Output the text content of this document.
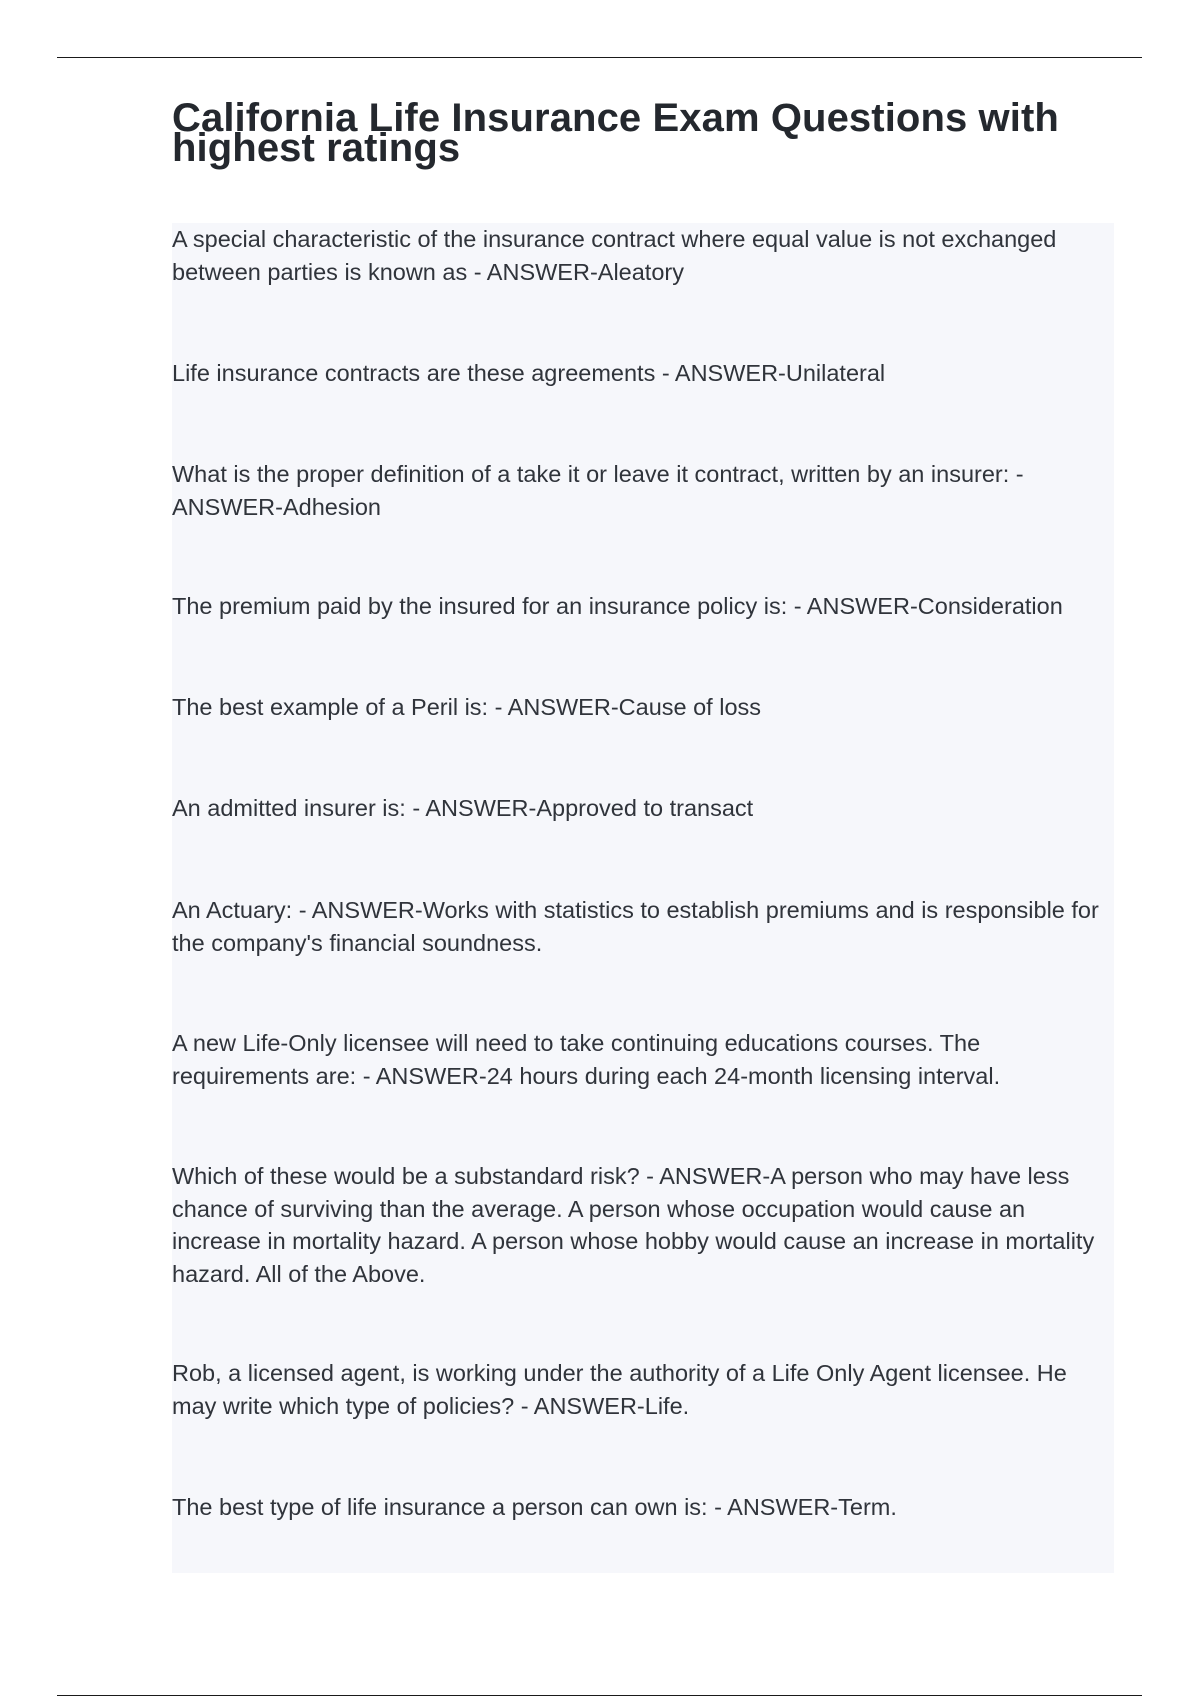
California Life Insurance Exam Questions with highest ratings

A special characteristic of the insurance contract where equal value is not exchanged between parties is known as - ANSWER-Aleatory

Life insurance contracts are these agreements - ANSWER-Unilateral

What is the proper definition of a take it or leave it contract, written by an insurer: - ANSWER-Adhesion

The premium paid by the insured for an insurance policy is: - ANSWER-Consideration

The best example of a Peril is: - ANSWER-Cause of loss

An admitted insurer is: - ANSWER-Approved to transact

An Actuary: - ANSWER-Works with statistics to establish premiums and is responsible for the company's financial soundness.

A new Life-Only licensee will need to take continuing educations courses. The requirements are: - ANSWER-24 hours during each 24-month licensing interval.

Which of these would be a substandard risk? - ANSWER-A person who may have less chance of surviving than the average. A person whose occupation would cause an increase in mortality hazard. A person whose hobby would cause an increase in mortality hazard. All of the Above.

Rob, a licensed agent, is working under the authority of a Life Only Agent licensee. He may write which type of policies? - ANSWER-Life.

The best type of life insurance a person can own is: - ANSWER-Term.
